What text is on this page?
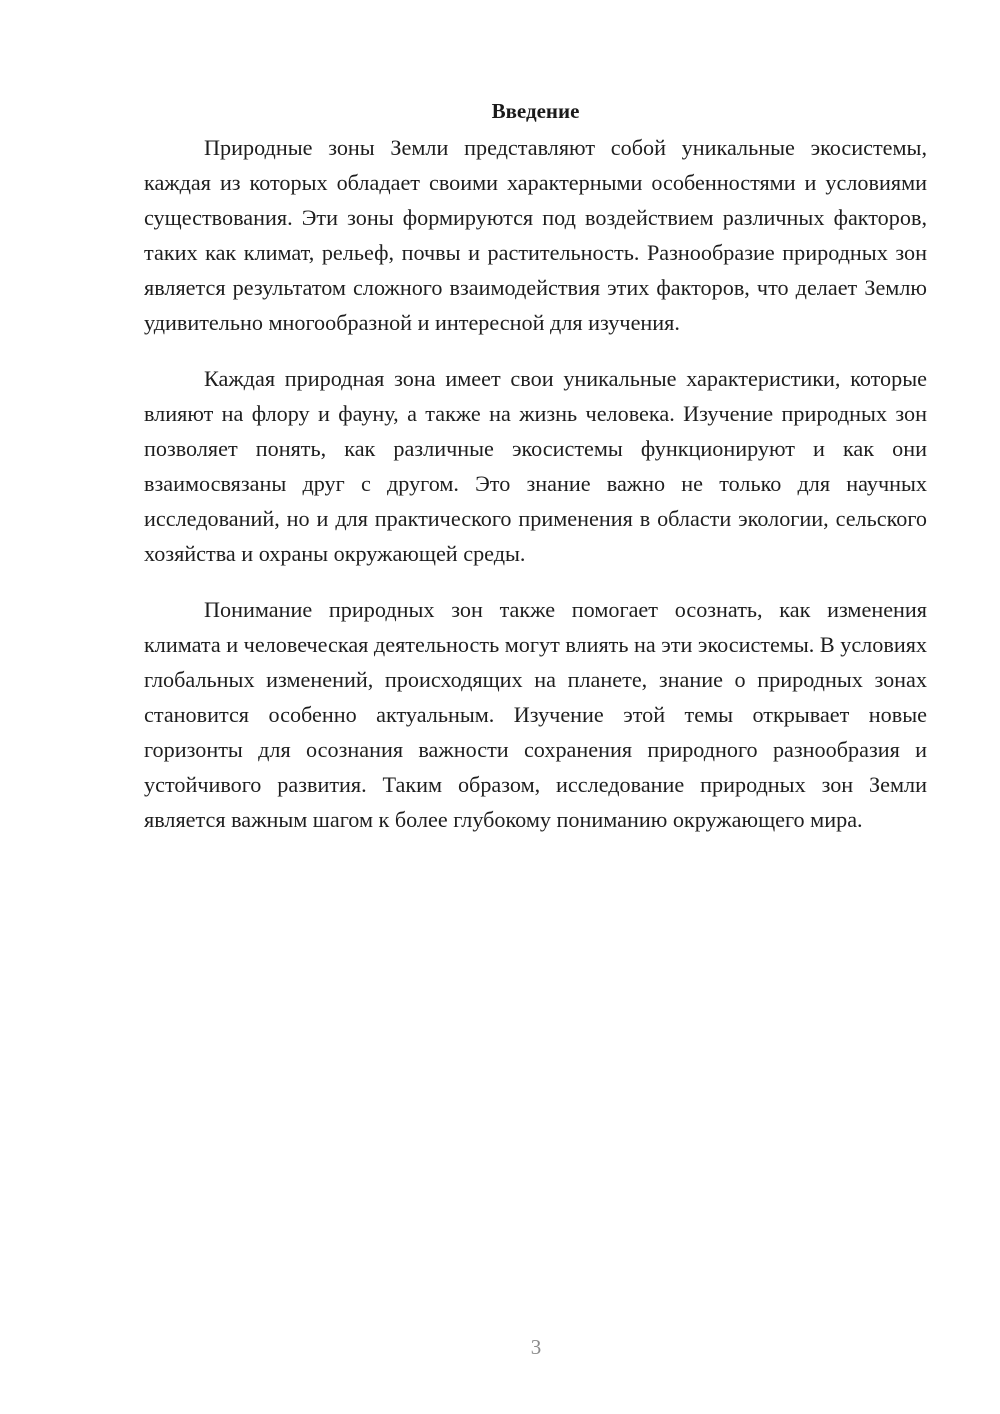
Введение

Природные зоны Земли представляют собой уникальные экосистемы, каждая из которых обладает своими характерными особенностями и условиями существования. Эти зоны формируются под воздействием различных факторов, таких как климат, рельеф, почвы и растительность. Разнообразие природных зон является результатом сложного взаимодействия этих факторов, что делает Землю удивительно многообразной и интересной для изучения.

Каждая природная зона имеет свои уникальные характеристики, которые влияют на флору и фауну, а также на жизнь человека. Изучение природных зон позволяет понять, как различные экосистемы функционируют и как они взаимосвязаны друг с другом. Это знание важно не только для научных исследований, но и для практического применения в области экологии, сельского хозяйства и охраны окружающей среды.

Понимание природных зон также помогает осознать, как изменения климата и человеческая деятельность могут влиять на эти экосистемы. В условиях глобальных изменений, происходящих на планете, знание о природных зонах становится особенно актуальным. Изучение этой темы открывает новые горизонты для осознания важности сохранения природного разнообразия и устойчивого развития. Таким образом, исследование природных зон Земли является важным шагом к более глубокому пониманию окружающего мира.

3
